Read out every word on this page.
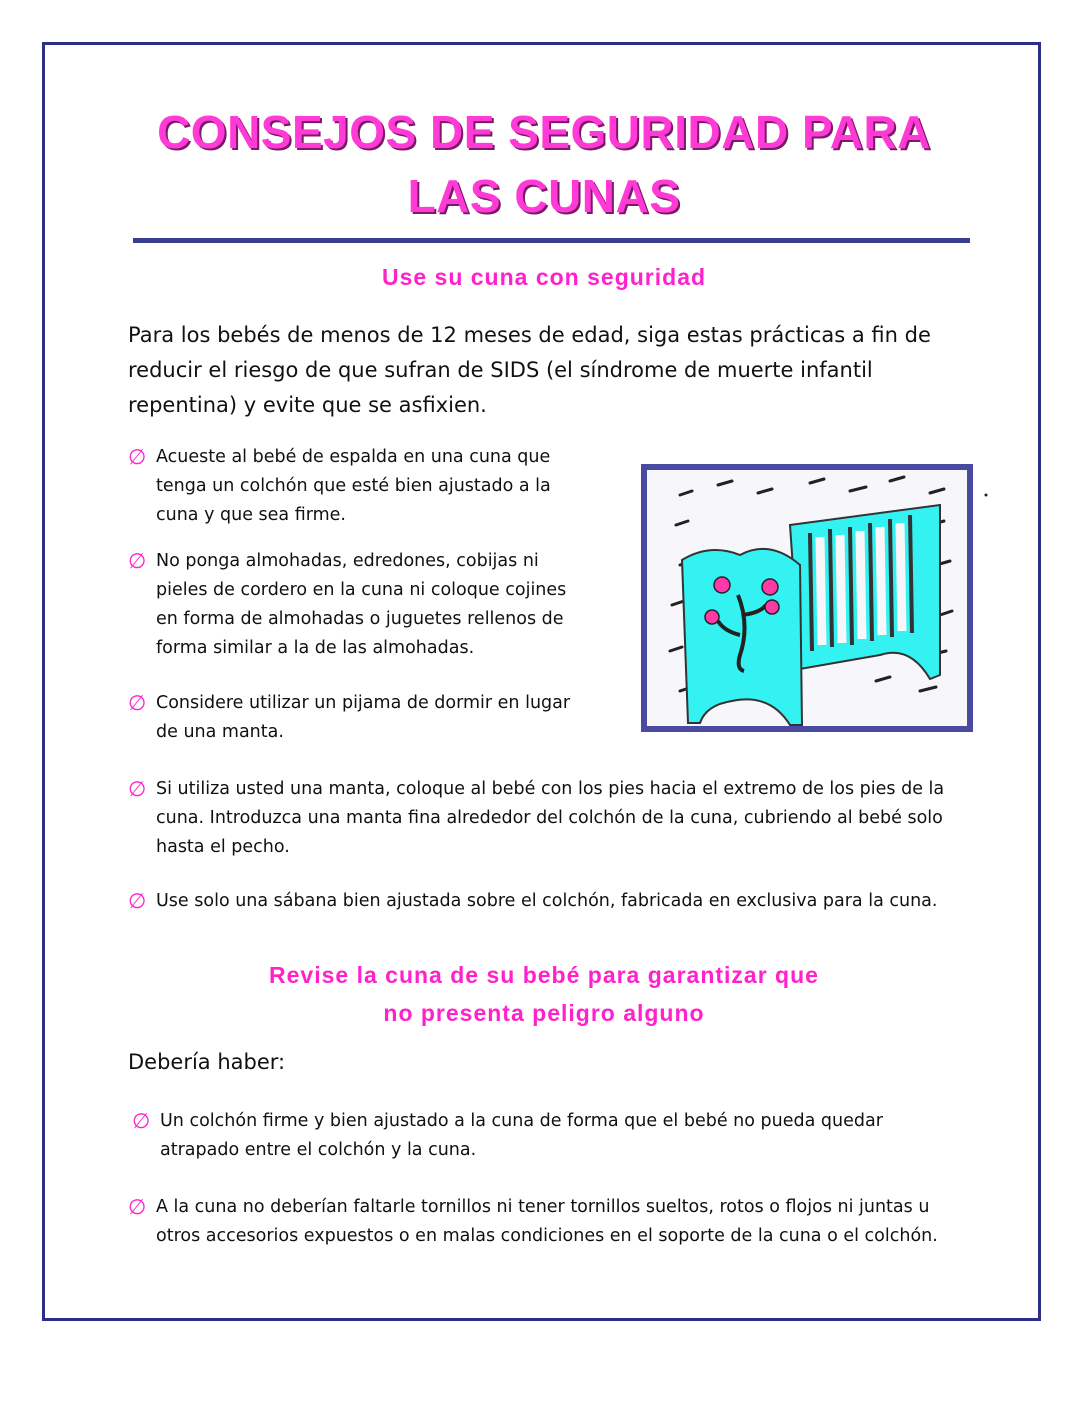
CONSEJOS DE SEGURIDAD PARA
LAS CUNAS
Use su cuna con seguridad

Para los bebés de menos de 12 meses de edad, siga estas prácticas a fin de reducir el riesgo de que sufran de SIDS (el síndrome de muerte infantil repentina) y evite que se asfixien.

∅ Acueste al bebé de espalda en una cuna que tenga un colchón que esté bien ajustado a la cuna y que sea firme.
∅ No ponga almohadas, edredones, cobijas ni pieles de cordero en la cuna ni coloque cojines en forma de almohadas o juguetes rellenos de forma similar a la de las almohadas.
∅ Considere utilizar un pijama de dormir en lugar de una manta.
∅ Si utiliza usted una manta, coloque al bebé con los pies hacia el extremo de los pies de la cuna. Introduzca una manta fina alrededor del colchón de la cuna, cubriendo al bebé solo hasta el pecho.
∅ Use solo una sábana bien ajustada sobre el colchón, fabricada en exclusiva para la cuna.
Revise la cuna de su bebé para garantizar que
no presenta peligro alguno

Debería haber:

∅ Un colchón firme y bien ajustado a la cuna de forma que el bebé no pueda quedar atrapado entre el colchón y la cuna.
∅ A la cuna no deberían faltarle tornillos ni tener tornillos sueltos, rotos o flojos ni juntas u otros accesorios expuestos o en malas condiciones en el soporte de la cuna o el colchón.
